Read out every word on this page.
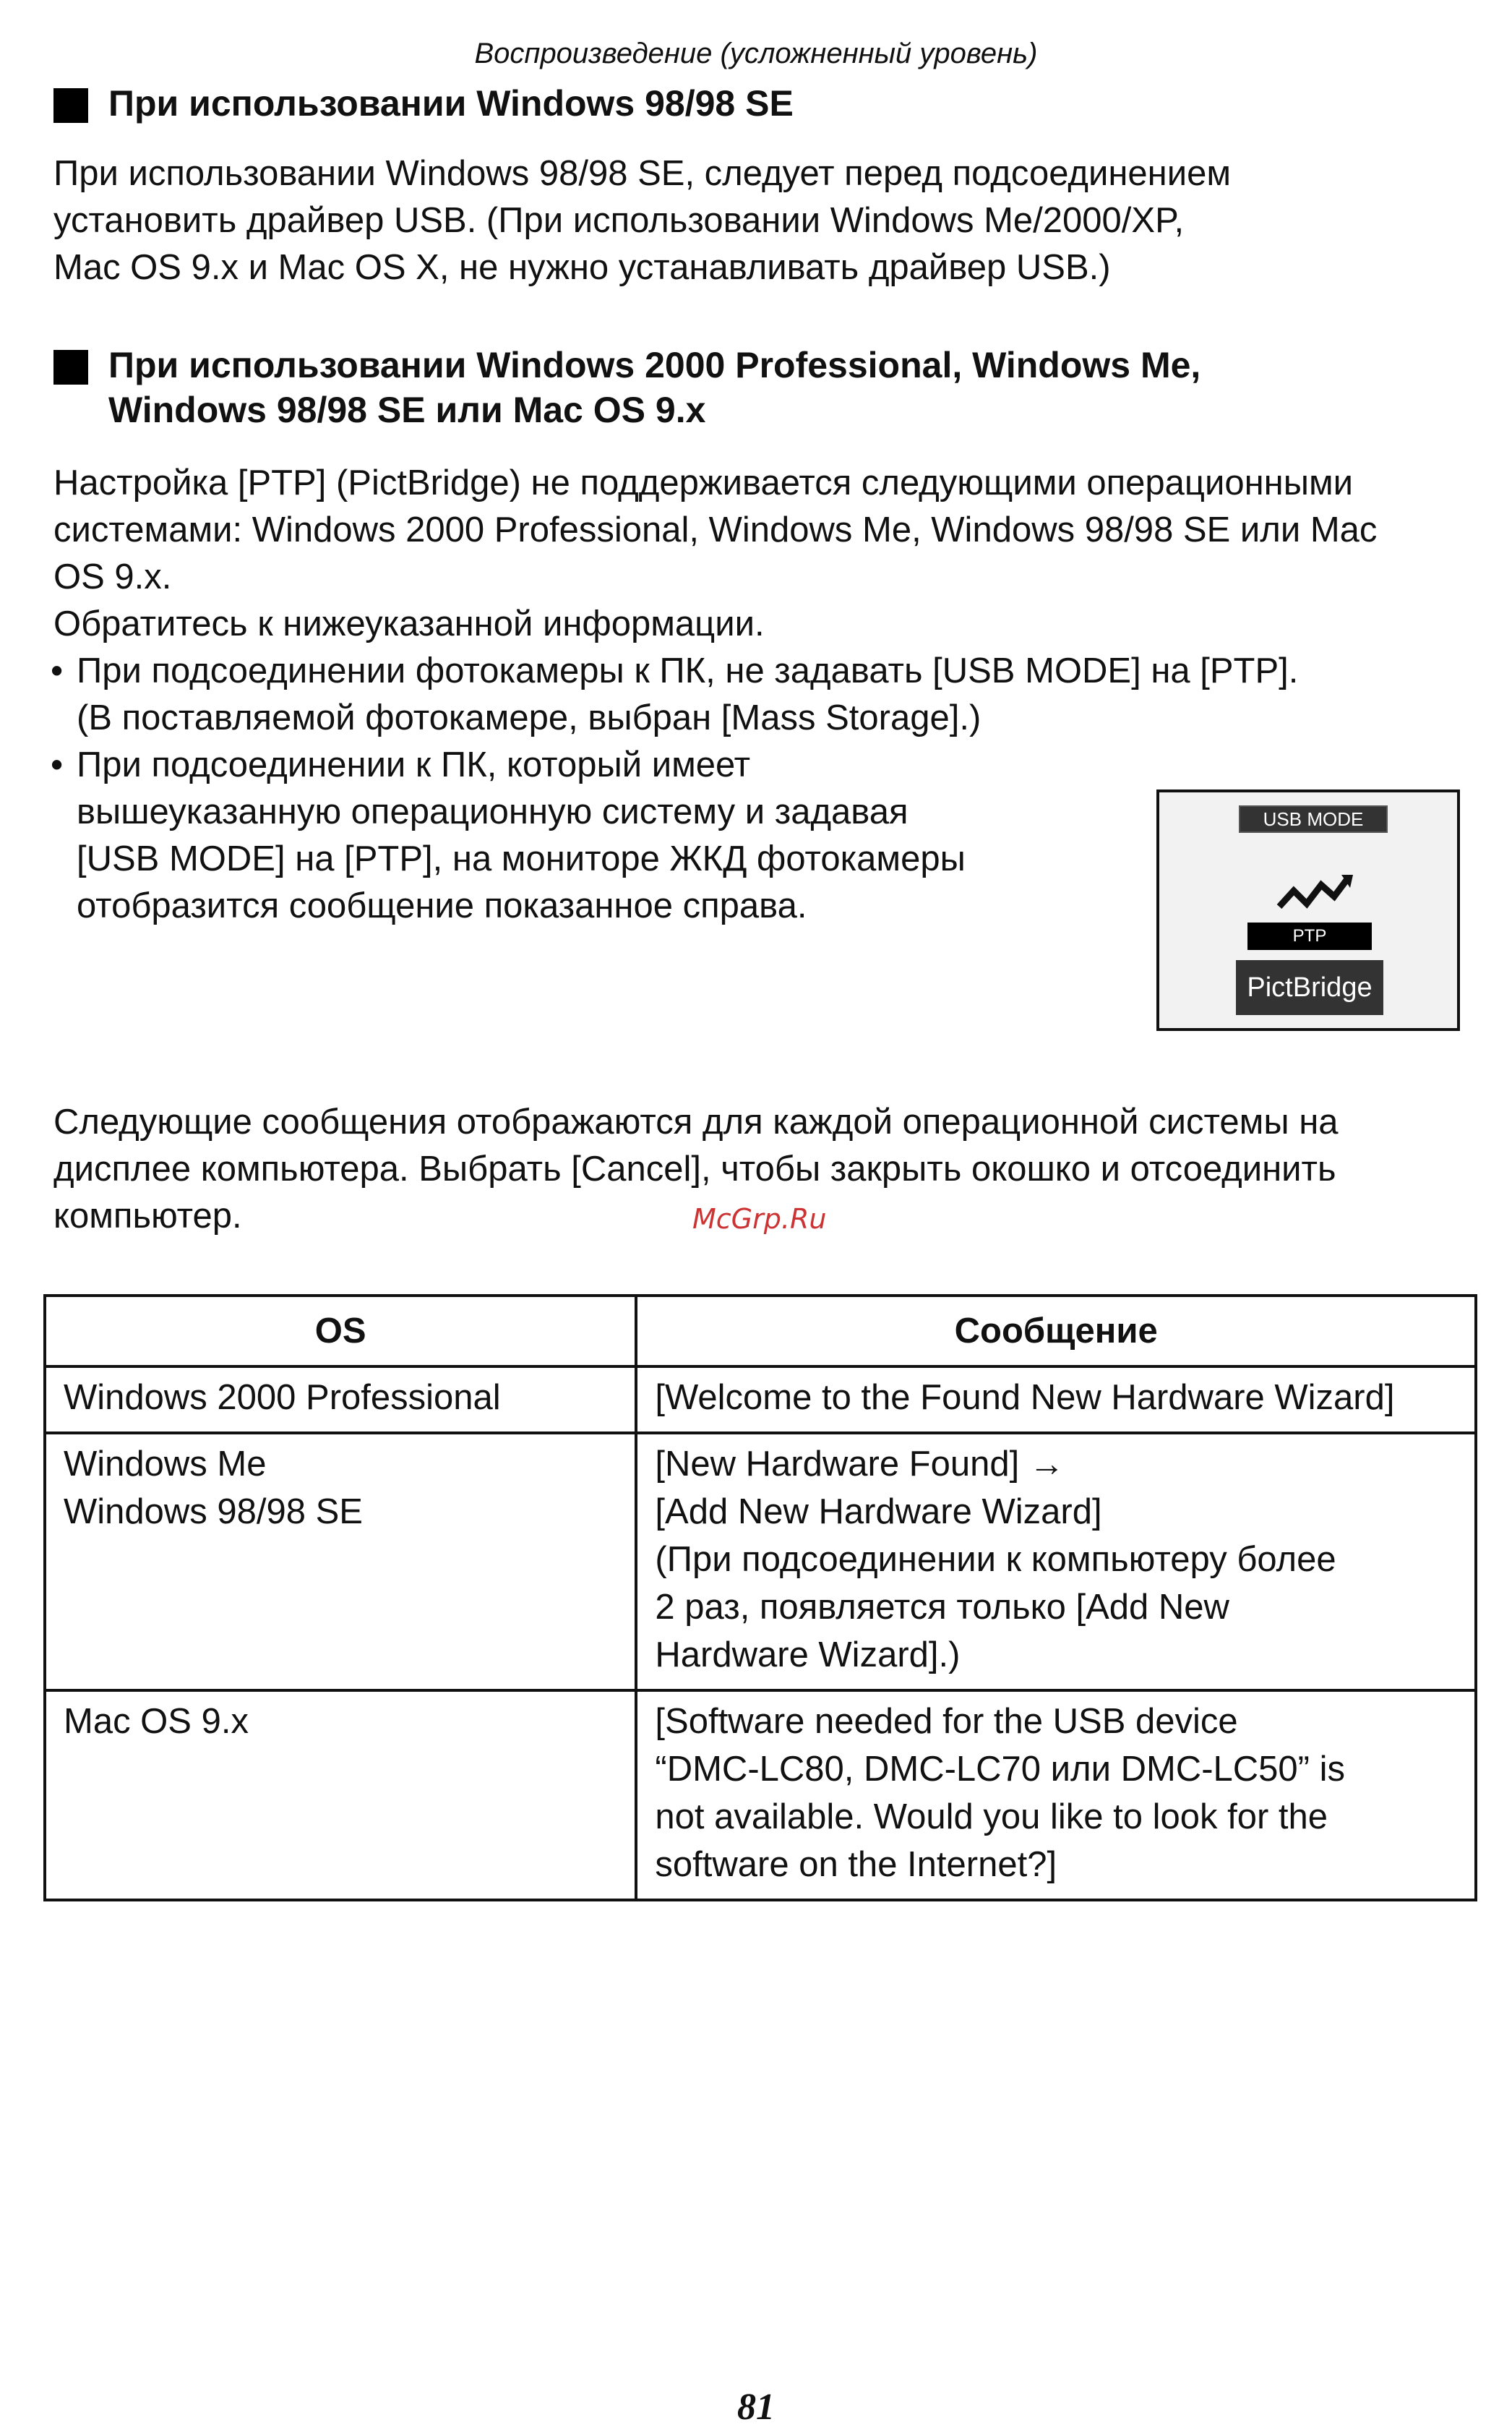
Воспроизведение (усложненный уровень)
При использовании Windows 98/98 SE
При использовании Windows 98/98 SE, следует перед подсоединением
установить драйвер USB. (При использовании Windows Me/2000/XP,
Mac OS 9.x и Mac OS X, не нужно устанавливать драйвер USB.)
При использовании Windows 2000 Professional, Windows Me,
Windows 98/98 SE или Mac OS 9.x
Настройка [PTP] (PictBridge) не поддерживается следующими операционными
системами: Windows 2000 Professional, Windows Me, Windows 98/98 SE или Mac
OS 9.x.
Обратитесь к нижеуказанной информации.
• При подсоединении фотокамеры к ПК, не задавать [USB MODE] на [PTP].
(В поставляемой фотокамере, выбран [Mass Storage].)
• При подсоединении к ПК, который имеет
вышеуказанную операционную систему и задавая
[USB MODE] на [PTP], на мониторе ЖКД фотокамеры
отобразится сообщение показанное справа.
USB MODE
PTP
PictBridge
Следующие сообщения отображаются для каждой операционной системы на
дисплее компьютера. Выбрать [Cancel], чтобы закрыть окошко и отсоединить
компьютер.	McGrp.Ru
OS	Сообщение

Windows 2000 Professional	[Welcome to the Found New Hardware Wizard]

Windows Me
Windows 98/98 SE	[New Hardware Found] →
[Add New Hardware Wizard]
(При подсоединении к компьютеру более
2 раз, появляется только [Add New
Hardware Wizard].)

Mac OS 9.x	[Software needed for the USB device
“DMC-LC80, DMC-LC70 или DMC-LC50” is
not available. Would you like to look for the
software on the Internet?]
81
